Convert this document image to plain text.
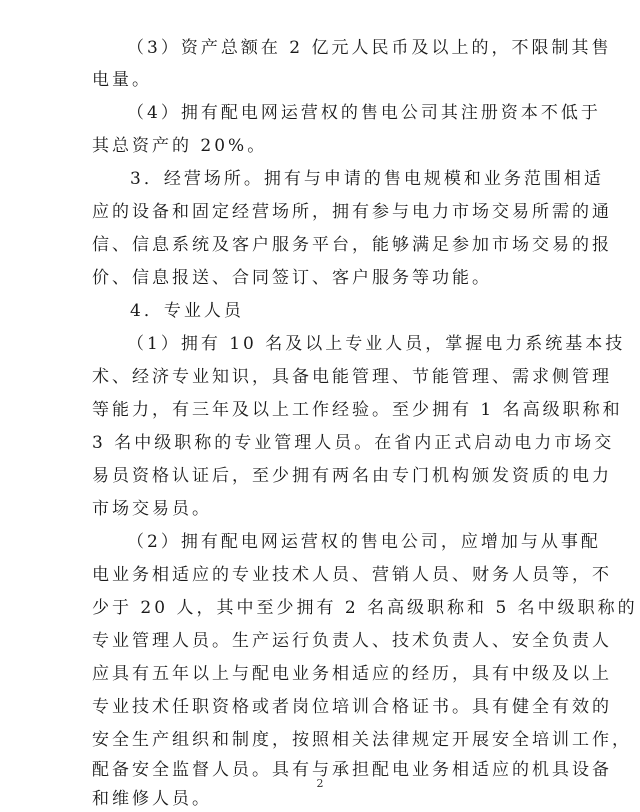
（3）资产总额在 2 亿元人民币及以上的，不限制其售
电量。
（4）拥有配电网运营权的售电公司其注册资本不低于
其总资产的 20%。
3．经营场所。拥有与申请的售电规模和业务范围相适
应的设备和固定经营场所，拥有参与电力市场交易所需的通
信、信息系统及客户服务平台，能够满足参加市场交易的报
价、信息报送、合同签订、客户服务等功能。
4．专业人员
（1）拥有 10 名及以上专业人员，掌握电力系统基本技
术、经济专业知识，具备电能管理、节能管理、需求侧管理
等能力，有三年及以上工作经验。至少拥有 1 名高级职称和
3 名中级职称的专业管理人员。在省内正式启动电力市场交
易员资格认证后，至少拥有两名由专门机构颁发资质的电力
市场交易员。
（2）拥有配电网运营权的售电公司，应增加与从事配
电业务相适应的专业技术人员、营销人员、财务人员等，不
少于 20 人，其中至少拥有 2 名高级职称和 5 名中级职称的
专业管理人员。生产运行负责人、技术负责人、安全负责人
应具有五年以上与配电业务相适应的经历，具有中级及以上
专业技术任职资格或者岗位培训合格证书。具有健全有效的
安全生产组织和制度，按照相关法律规定开展安全培训工作，
配备安全监督人员。具有与承担配电业务相适应的机具设备
和维修人员。
2
